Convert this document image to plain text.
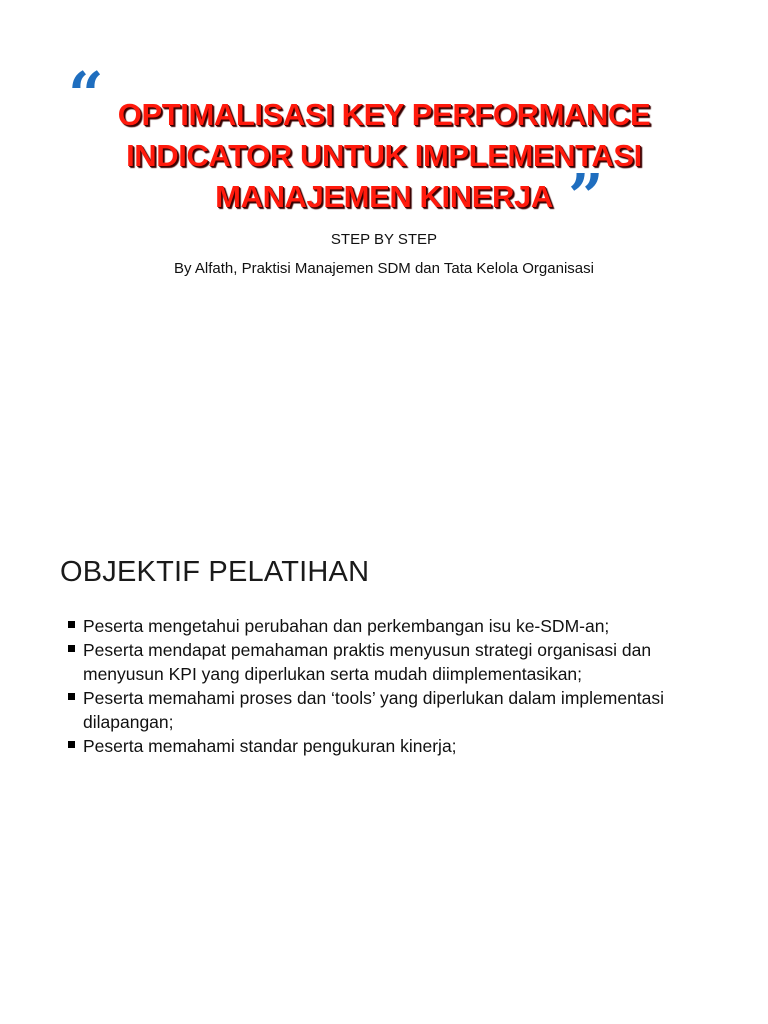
“ OPTIMALISASI KEY PERFORMANCE
INDICATOR UNTUK IMPLEMENTASI
MANAJEMEN KINERJA ”
STEP BY STEP
By Alfath, Praktisi Manajemen SDM dan Tata Kelola Organisasi
OBJEKTIF PELATIHAN
Peserta mengetahui perubahan dan perkembangan isu ke-SDM-an;
Peserta mendapat pemahaman praktis menyusun strategi organisasi dan menyusun KPI yang diperlukan serta mudah diimplementasikan;
Peserta memahami proses dan ‘tools’ yang diperlukan dalam implementasi dilapangan;
Peserta memahami standar pengukuran kinerja;
